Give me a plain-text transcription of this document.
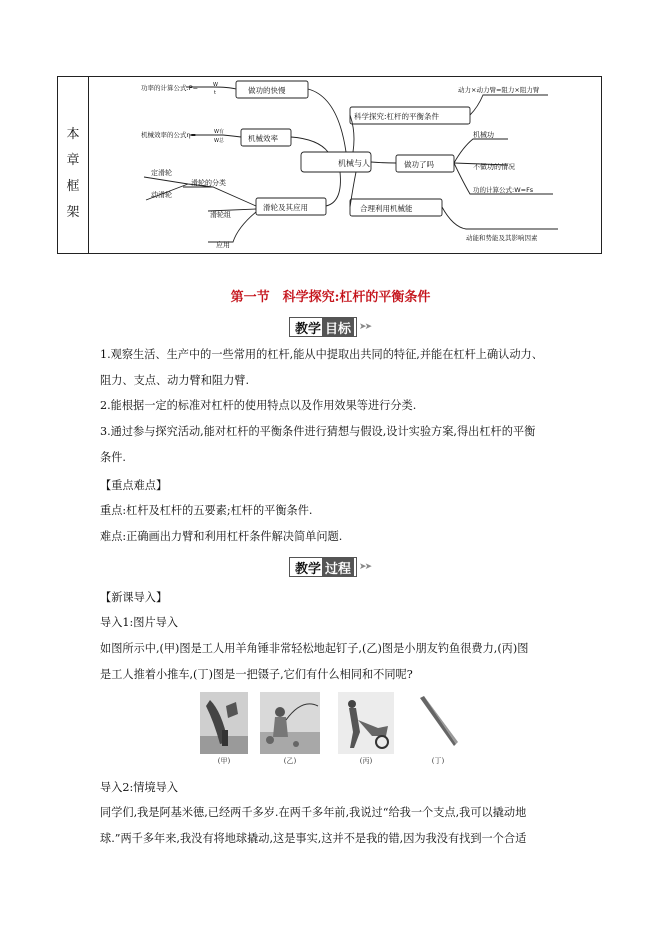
本
章
框
架
机械与人
做功的快慢
机械效率
滑轮及其应用
科学探究:杠杆的平衡条件
做功了吗
合理利用机械能
功率的计算公式:P=	W
t
机械效率的公式η=	W有
W总
滑轮的分类
定滑轮
动滑轮
滑轮组
应用
动力×动力臂=阻力×阻力臂
机械功
不做功的情况
功的计算公式:W=Fs
动能和势能及其影响因素
第一节　科学探究:杠杆的平衡条件
教学 目标 ➤➤
1.观察生活、生产中的一些常用的杠杆,能从中提取出共同的特征,并能在杠杆上确认动力、
阻力、支点、动力臂和阻力臂.
2.能根据一定的标准对杠杆的使用特点以及作用效果等进行分类.
3.通过参与探究活动,能对杠杆的平衡条件进行猜想与假设,设计实验方案,得出杠杆的平衡
条件.
【重点难点】
重点:杠杆及杠杆的五要素;杠杆的平衡条件.
难点:正确画出力臂和利用杠杆条件解决简单问题.
教学 过程 ➤➤
【新课导入】
导入1:图片导入
如图所示中,(甲)图是工人用羊角锤非常轻松地起钉子,(乙)图是小朋友钓鱼很费力,(丙)图
是工人推着小推车,(丁)图是一把镊子,它们有什么相同和不同呢?
(甲)	(乙)	(丙)	(丁)
导入2:情境导入
同学们,我是阿基米德,已经两千多岁.在两千多年前,我说过“给我一个支点,我可以撬动地
球.”两千多年来,我没有将地球撬动,这是事实,这并不是我的错,因为我没有找到一个合适
